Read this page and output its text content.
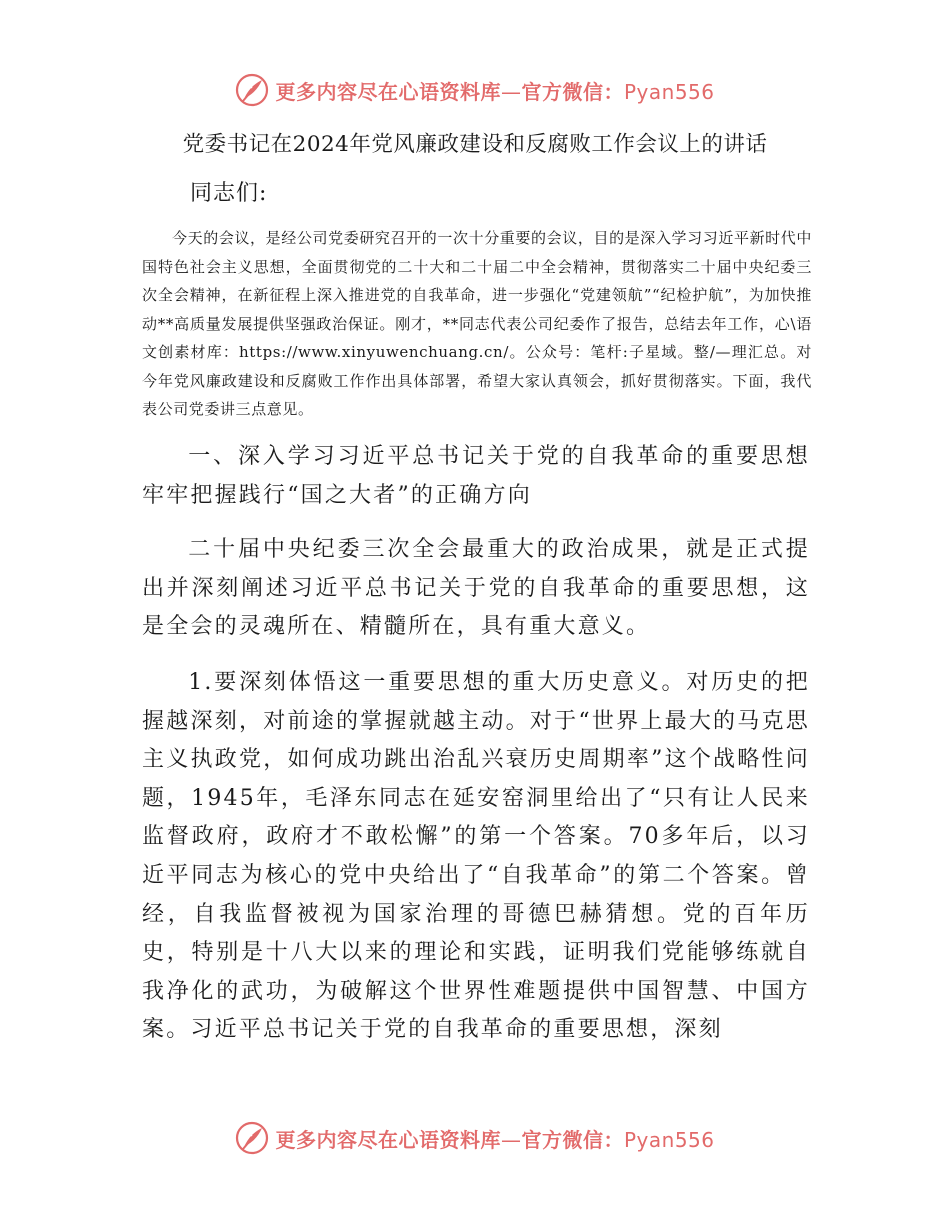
更多内容尽在心语资料库—官方微信：Pyan556
党委书记在2024年党风廉政建设和反腐败工作会议上的讲话
同志们:

今天的会议，是经公司党委研究召开的一次十分重要的会议，目的是深入学习习近平新时代中国特色社会主义思想，全面贯彻党的二十大和二十届二中全会精神，贯彻落实二十届中央纪委三次全会精神，在新征程上深入推进党的自我革命，进一步强化“党建领航”“纪检护航”，为加快推动**高质量发展提供坚强政治保证。刚才，**同志代表公司纪委作了报告，总结去年工作，心\语文创素材库：https://www.xinyuwenchuang.cn/。公众号：笔杆:子星域。整/—理汇总。对今年党风廉政建设和反腐败工作作出具体部署，希望大家认真领会，抓好贯彻落实。下面，我代表公司党委讲三点意见。

一、深入学习习近平总书记关于党的自我革命的重要思想 牢牢把握践行“国之大者”的正确方向

二十届中央纪委三次全会最重大的政治成果，就是正式提出并深刻阐述习近平总书记关于党的自我革命的重要思想，这是全会的灵魂所在、精髓所在，具有重大意义。

1.要深刻体悟这一重要思想的重大历史意义。对历史的把握越深刻，对前途的掌握就越主动。对于“世界上最大的马克思主义执政党，如何成功跳出治乱兴衰历史周期率”这个战略性问题，1945年，毛泽东同志在延安窑洞里给出了“只有让人民来监督政府，政府才不敢松懈”的第一个答案。70多年后，以习近平同志为核心的党中央给出了“自我革命”的第二个答案。曾经，自我监督被视为国家治理的哥德巴赫猜想。党的百年历史，特别是十八大以来的理论和实践，证明我们党能够练就自我净化的武功，为破解这个世界性难题提供中国智慧、中国方案。习近平总书记关于党的自我革命的重要思想，深刻

更多内容尽在心语资料库—官方微信：Pyan556
